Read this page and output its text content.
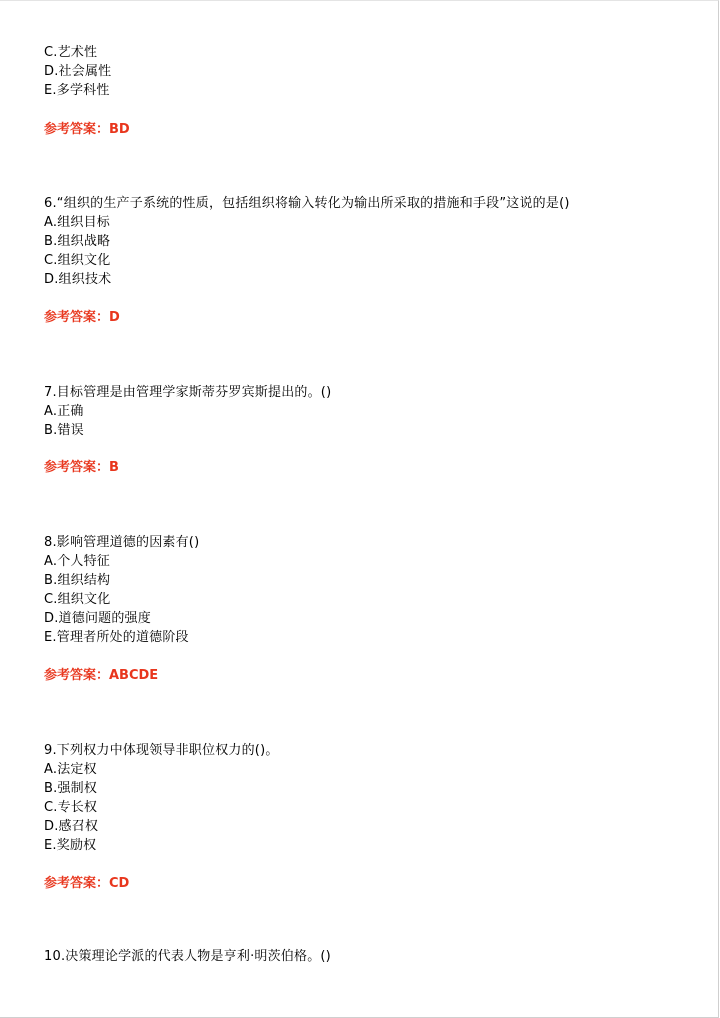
C.艺术性
D.社会属性
E.多学科性
参考答案：BD
6.“组织的生产子系统的性质，包括组织将输入转化为输出所采取的措施和手段”这说的是()
A.组织目标
B.组织战略
C.组织文化
D.组织技术
参考答案：D
7.目标管理是由管理学家斯蒂芬罗宾斯提出的。()
A.正确
B.错误
参考答案：B
8.影响管理道德的因素有()
A.个人特征
B.组织结构
C.组织文化
D.道德问题的强度
E.管理者所处的道德阶段
参考答案：ABCDE
9.下列权力中体现领导非职位权力的()。
A.法定权
B.强制权
C.专长权
D.感召权
E.奖励权
参考答案：CD
10.决策理论学派的代表人物是亨利·明茨伯格。()
